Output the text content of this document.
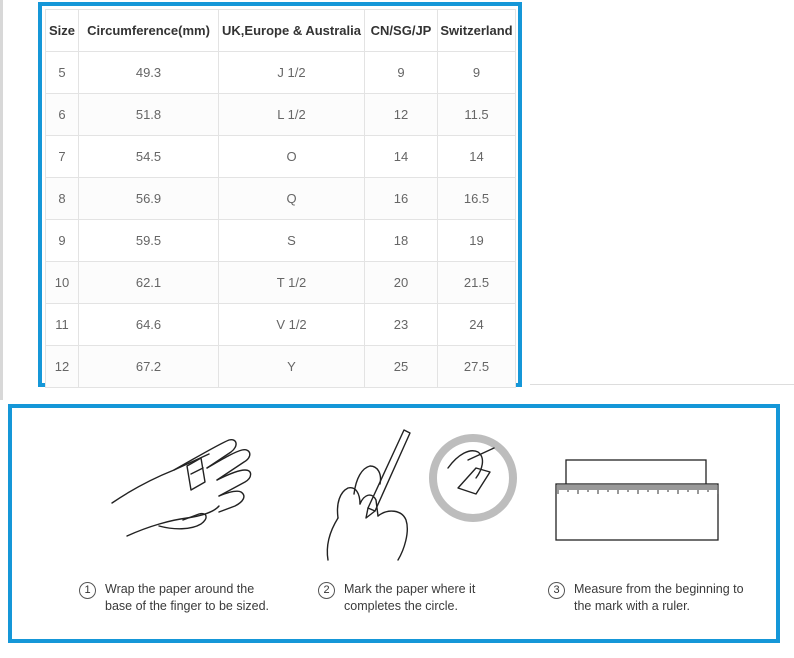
Size	Circumference(mm)	UK,Europe & Australia	CN/SG/JP	Switzerland
5	49.3	J 1/2	9	9
6	51.8	L 1/2	12	11.5
7	54.5	O	14	14
8	56.9	Q	16	16.5
9	59.5	S	18	19
10	62.1	T 1/2	20	21.5
11	64.6	V 1/2	23	24
12	67.2	Y	25	27.5
1	Wrap the paper around the
base of the finger to be sized.
2	Mark the paper where it
completes the circle.
3	Measure from the beginning to
the mark with a ruler.
